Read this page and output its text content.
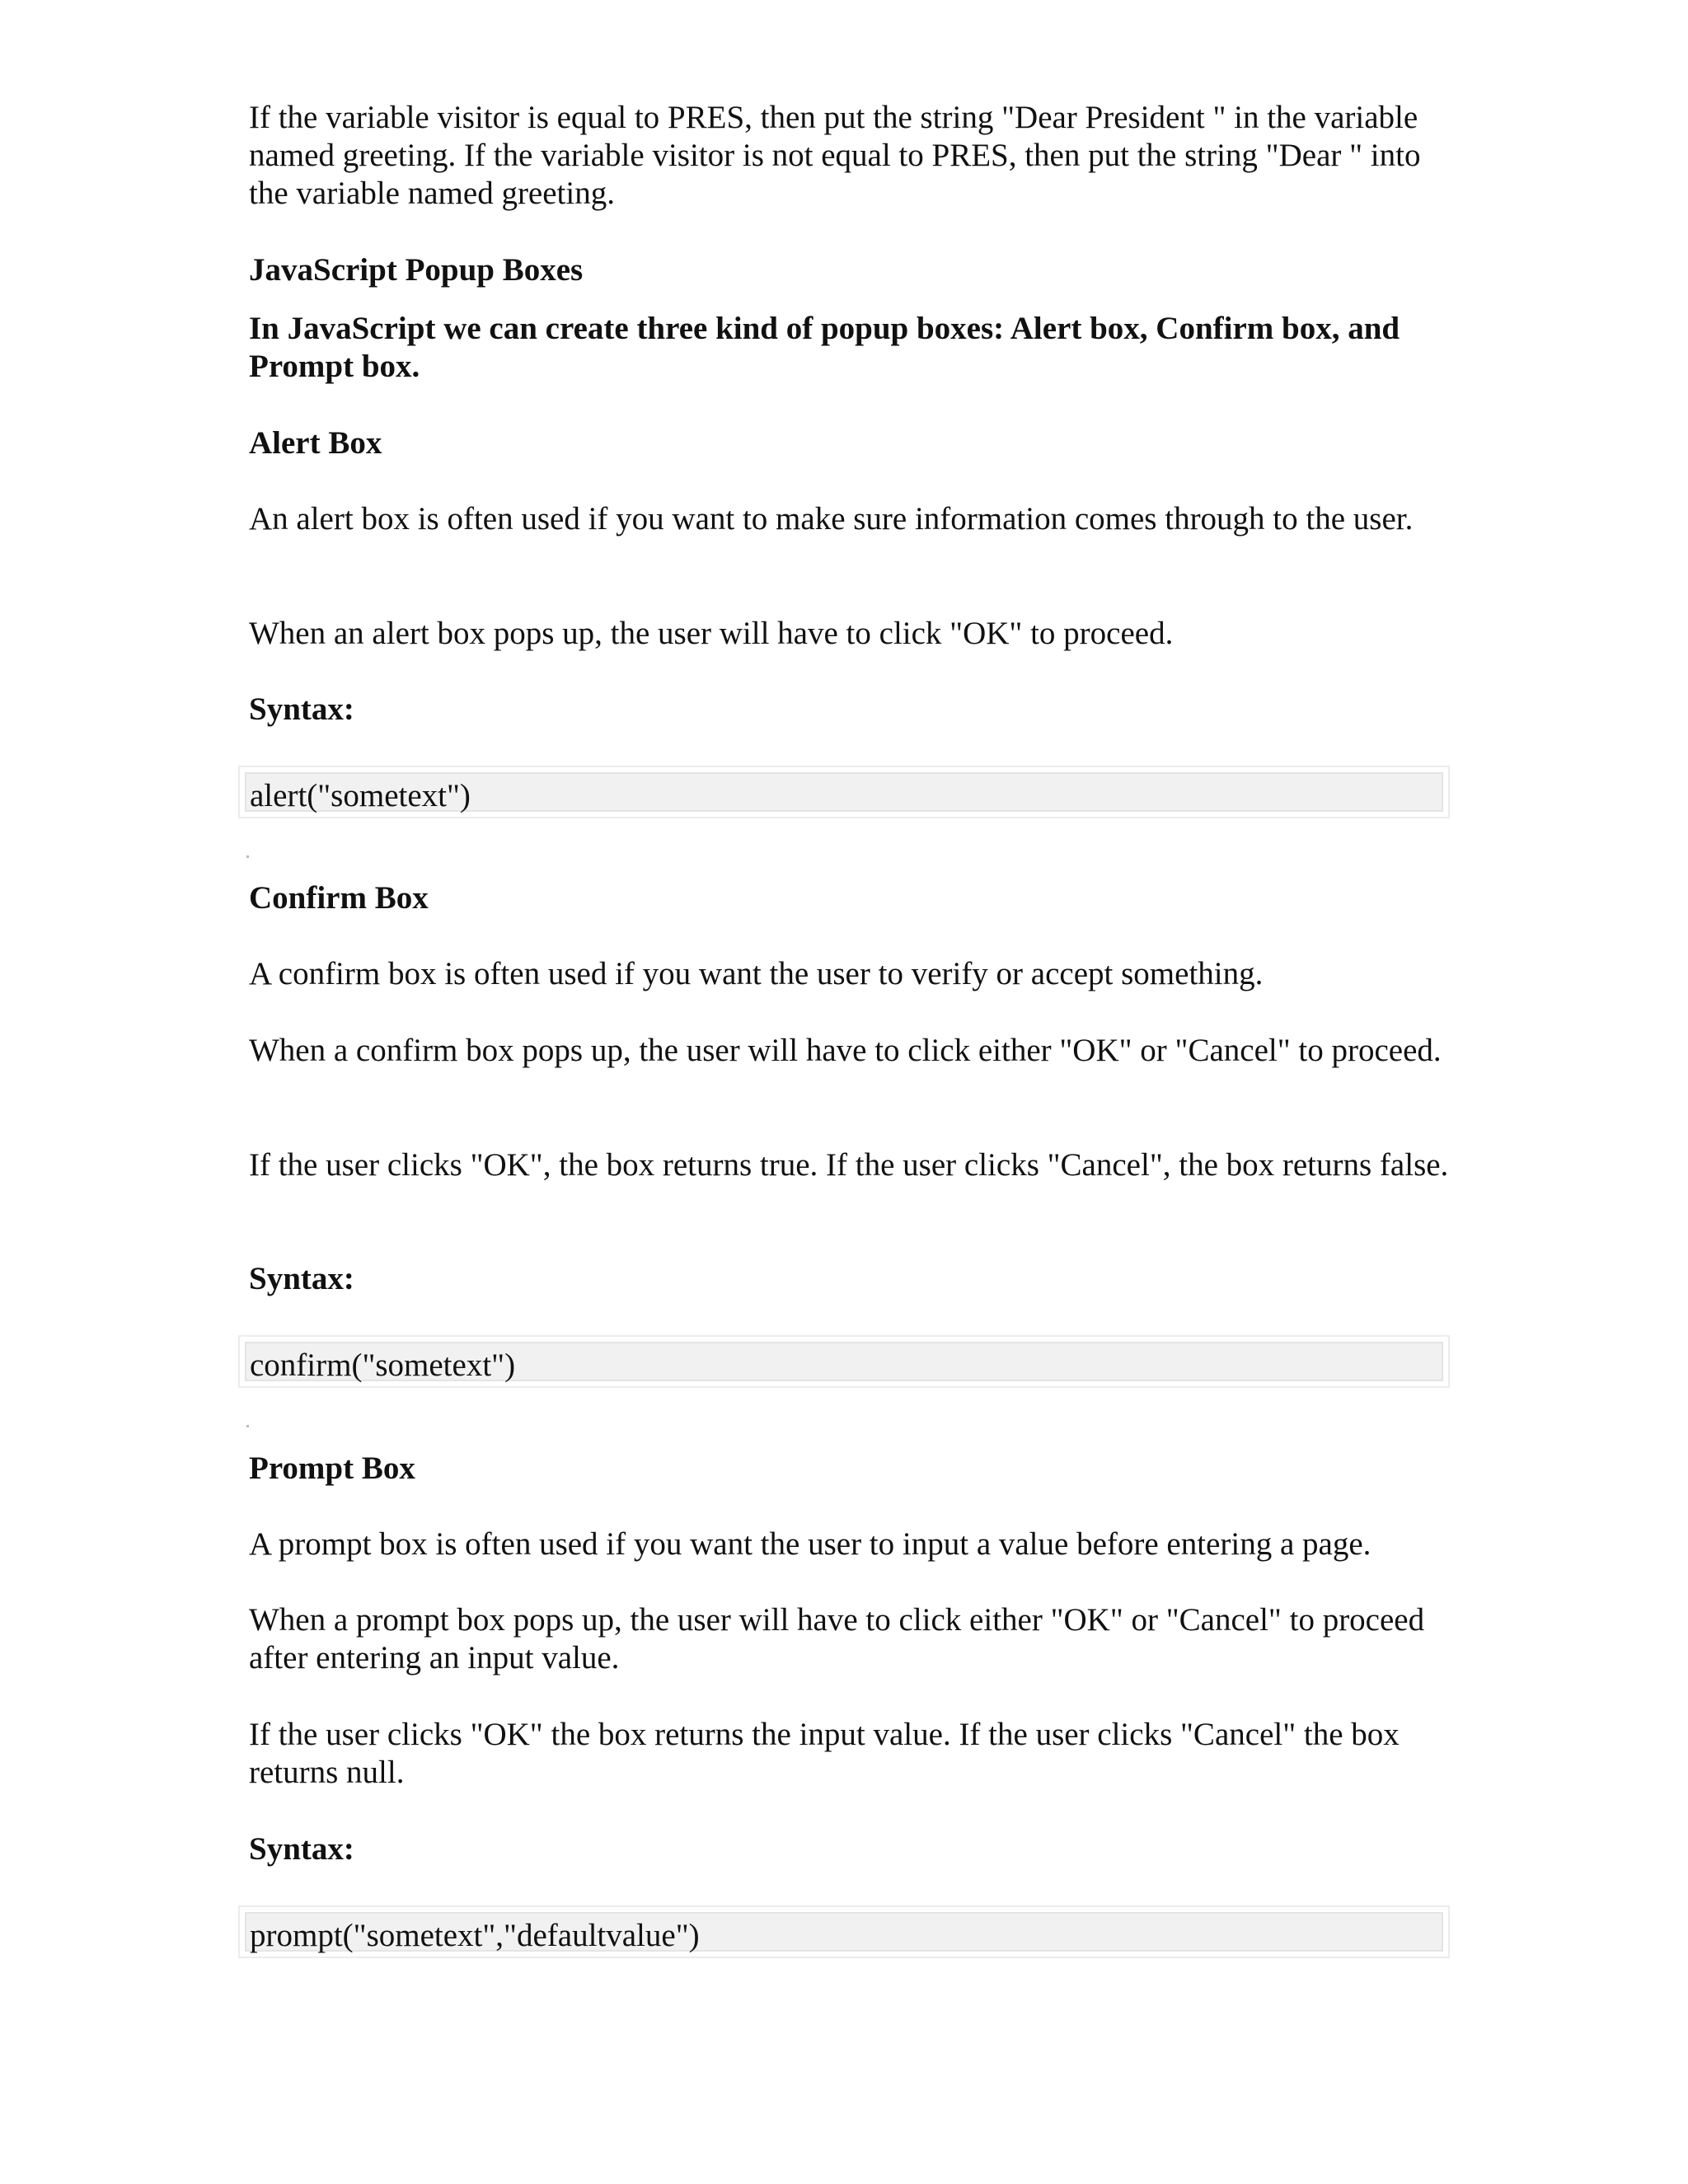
If the variable visitor is equal to PRES, then put the string "Dear President " in the variable named greeting. If the variable visitor is not equal to PRES, then put the string "Dear " into the variable named greeting.

JavaScript Popup Boxes

In JavaScript we can create three kind of popup boxes: Alert box, Confirm box, and Prompt box.

Alert Box

An alert box is often used if you want to make sure information comes through to the user.

When an alert box pops up, the user will have to click "OK" to proceed.

Syntax:

alert("sometext")

Confirm Box

A confirm box is often used if you want the user to verify or accept something.

When a confirm box pops up, the user will have to click either "OK" or "Cancel" to proceed.

If the user clicks "OK", the box returns true. If the user clicks "Cancel", the box returns false.

Syntax:

confirm("sometext")

Prompt Box

A prompt box is often used if you want the user to input a value before entering a page.

When a prompt box pops up, the user will have to click either "OK" or "Cancel" to proceed after entering an input value.

If the user clicks "OK" the box returns the input value. If the user clicks "Cancel" the box returns null.

Syntax:

prompt("sometext","defaultvalue")
